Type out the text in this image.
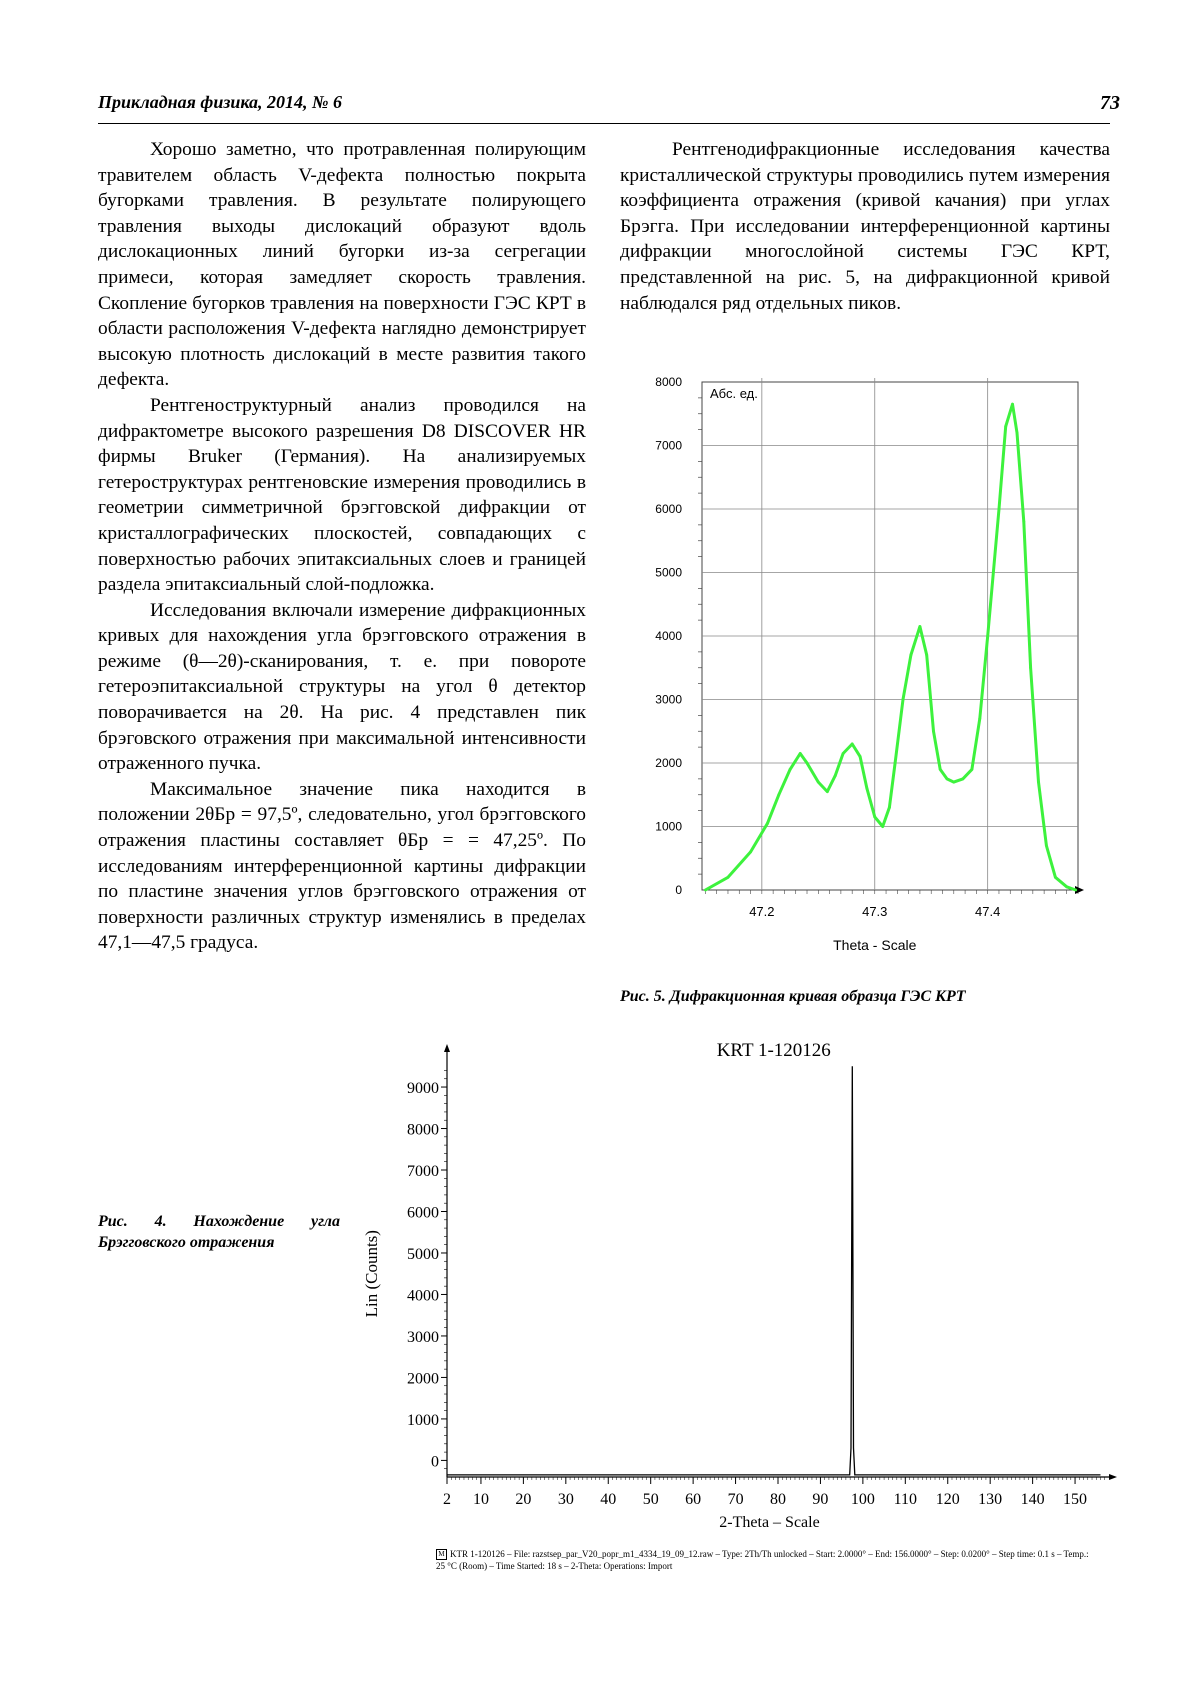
Прикладная физика, 2014, № 6	73

Хорошо заметно, что протравленная полирующим травителем область V-дефекта полностью покрыта бугорками травления. В результате полирующего травления выходы дислокаций образуют вдоль дислокационных линий бугорки из-за сегрегации примеси, которая замедляет скорость травления. Скопление бугорков травления на поверхности ГЭС КРТ в области расположения V-дефекта наглядно демонстрирует высокую плотность дислокаций в месте развития такого дефекта.

Рентгеноструктурный анализ проводился на дифрактометре высокого разрешения D8 DISCOVER HR фирмы Bruker (Германия). На анализируемых гетероструктурах рентгеновские измерения проводились в геометрии симметричной брэгговской дифракции от кристаллографических плоскостей, совпадающих с поверхностью рабочих эпитаксиальных слоев и границей раздела эпитаксиальный слой-подложка.

Исследования включали измерение дифракционных кривых для нахождения угла брэгговского отражения в режиме (θ—2θ)-сканирования, т. е. при повороте гетероэпитаксиальной структуры на угол θ детектор поворачивается на 2θ. На рис. 4 представлен пик брэговского отражения при максимальной интенсивности отраженного пучка.

Максимальное значение пика находится в положении 2θБр = 97,5º, следовательно, угол брэгговского отражения пластины составляет θБр = = 47,25º. По исследованиям интерференционной картины дифракции по пластине значения углов брэгговского отражения от поверхности различных структур изменялись в пределах 47,1—47,5 градуса.

Рентгенодифракционные исследования качества кристаллической структуры проводились путем измерения коэффициента отражения (кривой качания) при углах Брэгга. При исследовании интерференционной картины дифракции многослойной системы ГЭС КРТ, представленной на рис. 5, на дифракционной кривой наблюдался ряд отдельных пиков.

0
1000
2000
3000
4000
5000
6000
7000
8000
47.2	47.3	47.4
Абс. ед.
Theta - Scale
Рис. 5. Дифракционная кривая образца ГЭС КРТ
0
1000
2000
3000
4000
5000
6000
7000
8000
9000
2 10 20 30 40 50 60 70 80 90 100 110 120 130 140 150
KRT 1-120126
2-Theta – Scale
Lin (Counts)
Рис. 4. Нахождение угла Брэгговского отражения
M KTR 1-120126 – File: razstsep_par_V20_popr_m1_4334_19_09_12.raw – Type: 2Th/Th unlocked – Start: 2.0000° – End: 156.0000° – Step: 0.0200° – Step time: 0.1 s – Temp.: 25 °C (Room) – Time Started: 18 s – 2-Theta: Operations: Import
